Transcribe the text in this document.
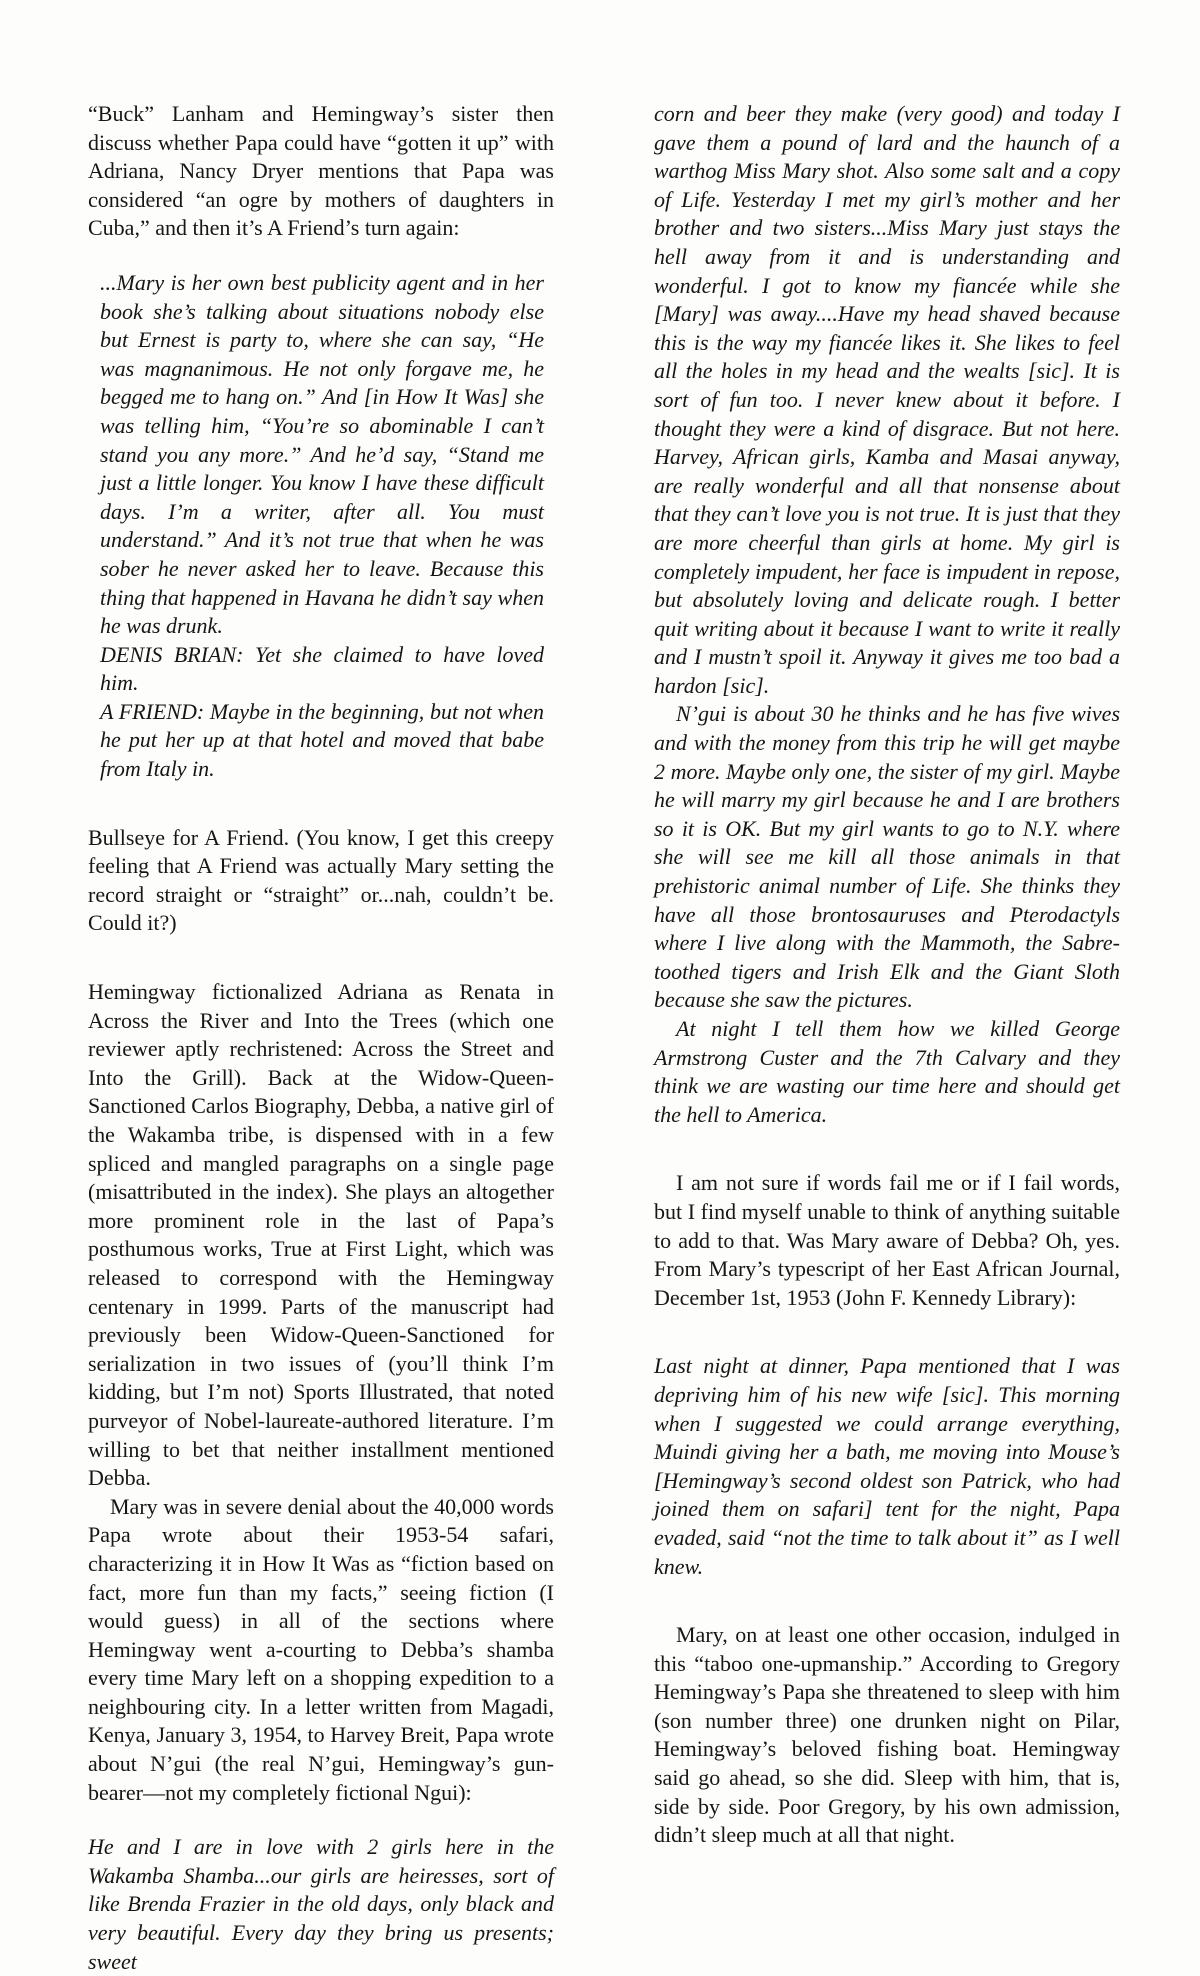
“Buck” Lanham and Hemingway’s sister then discuss whether Papa could have “gotten it up” with Adriana, Nancy Dryer mentions that Papa was considered “an ogre by mothers of daughters in Cuba,” and then it’s A Friend’s turn again:

...Mary is her own best publicity agent and in her book she’s talking about situations nobody else but Ernest is party to, where she can say, “He was magnanimous. He not only forgave me, he begged me to hang on.” And [in How It Was] she was telling him, “You’re so abominable I can’t stand you any more.” And he’d say, “Stand me just a little longer. You know I have these difficult days. I’m a writer, after all. You must understand.” And it’s not true that when he was sober he never asked her to leave. Because this thing that happened in Havana he didn’t say when he was drunk.

DENIS BRIAN: Yet she claimed to have loved him.

A FRIEND: Maybe in the beginning, but not when he put her up at that hotel and moved that babe from Italy in.

Bullseye for A Friend. (You know, I get this creepy feeling that A Friend was actually Mary setting the record straight or “straight” or...nah, couldn’t be. Could it?)

Hemingway fictionalized Adriana as Renata in Across the River and Into the Trees (which one reviewer aptly rechristened: Across the Street and Into the Grill). Back at the Widow-Queen-Sanctioned Carlos Biography, Debba, a native girl of the Wakamba tribe, is dispensed with in a few spliced and mangled paragraphs on a single page (misattributed in the index). She plays an altogether more prominent role in the last of Papa’s posthumous works, True at First Light, which was released to correspond with the Hemingway centenary in 1999. Parts of the manuscript had previously been Widow-Queen-Sanctioned for serialization in two issues of (you’ll think I’m kidding, but I’m not) Sports Illustrated, that noted purveyor of Nobel-laureate-authored literature. I’m willing to bet that neither installment mentioned Debba.

Mary was in severe denial about the 40,000 words Papa wrote about their 1953-54 safari, characterizing it in How It Was as “fiction based on fact, more fun than my facts,” seeing fiction (I would guess) in all of the sections where Hemingway went a-courting to Debba’s shamba every time Mary left on a shopping expedition to a neighbouring city. In a letter written from Magadi, Kenya, January 3, 1954, to Harvey Breit, Papa wrote about N’gui (the real N’gui, Hemingway’s gun-bearer—not my completely fictional Ngui):

He and I are in love with 2 girls here in the Wakamba Shamba...our girls are heiresses, sort of like Brenda Frazier in the old days, only black and very beautiful. Every day they bring us presents; sweet

corn and beer they make (very good) and today I gave them a pound of lard and the haunch of a warthog Miss Mary shot. Also some salt and a copy of Life. Yesterday I met my girl’s mother and her brother and two sisters...Miss Mary just stays the hell away from it and is understanding and wonderful. I got to know my fiancée while she [Mary] was away....Have my head shaved because this is the way my fiancée likes it. She likes to feel all the holes in my head and the wealts [sic]. It is sort of fun too. I never knew about it before. I thought they were a kind of disgrace. But not here. Harvey, African girls, Kamba and Masai anyway, are really wonderful and all that nonsense about that they can’t love you is not true. It is just that they are more cheerful than girls at home. My girl is completely impudent, her face is impudent in repose, but absolutely loving and delicate rough. I better quit writing about it because I want to write it really and I mustn’t spoil it. Anyway it gives me too bad a hardon [sic].

N’gui is about 30 he thinks and he has five wives and with the money from this trip he will get maybe 2 more. Maybe only one, the sister of my girl. Maybe he will marry my girl because he and I are brothers so it is OK. But my girl wants to go to N.Y. where she will see me kill all those animals in that prehistoric animal number of Life. She thinks they have all those brontosauruses and Pterodactyls where I live along with the Mammoth, the Sabre-toothed tigers and Irish Elk and the Giant Sloth because she saw the pictures.

At night I tell them how we killed George Armstrong Custer and the 7th Calvary and they think we are wasting our time here and should get the hell to America.

I am not sure if words fail me or if I fail words, but I find myself unable to think of anything suitable to add to that. Was Mary aware of Debba? Oh, yes. From Mary’s typescript of her East African Journal, December 1st, 1953 (John F. Kennedy Library):

Last night at dinner, Papa mentioned that I was depriving him of his new wife [sic]. This morning when I suggested we could arrange everything, Muindi giving her a bath, me moving into Mouse’s [Hemingway’s second oldest son Patrick, who had joined them on safari] tent for the night, Papa evaded, said “not the time to talk about it” as I well knew.

Mary, on at least one other occasion, indulged in this “taboo one-upmanship.” According to Gregory Hemingway’s Papa she threatened to sleep with him (son number three) one drunken night on Pilar, Hemingway’s beloved fishing boat. Hemingway said go ahead, so she did. Sleep with him, that is, side by side. Poor Gregory, by his own admission, didn’t sleep much at all that night.
